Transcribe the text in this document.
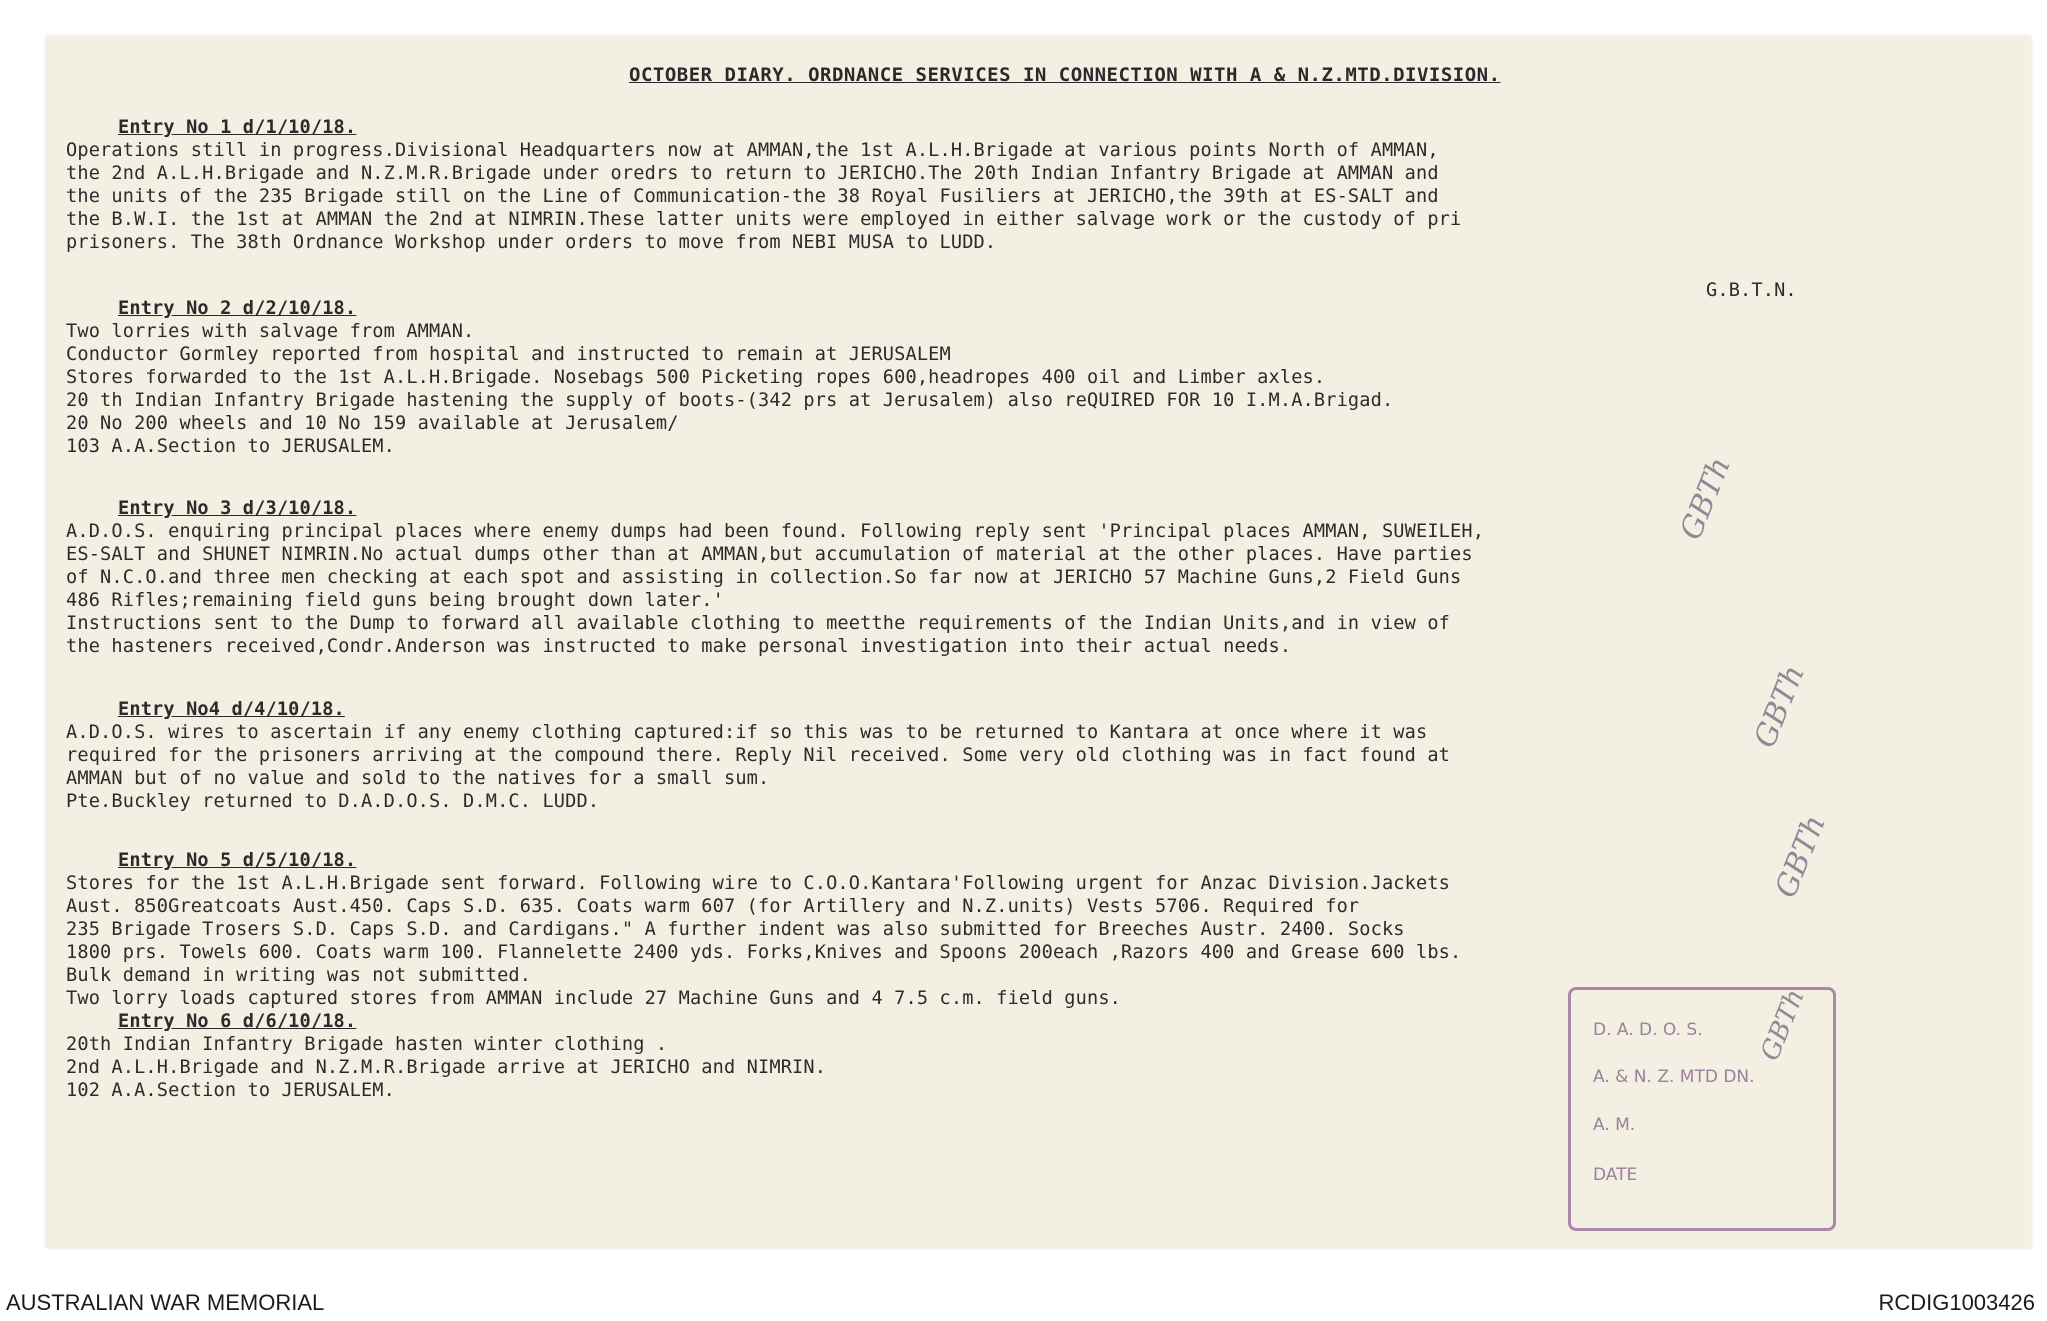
OCTOBER DIARY. ORDNANCE SERVICES IN CONNECTION WITH A & N.Z.MTD.DIVISION.
Entry No 1 d/1/10/18.
Operations still in progress.Divisional Headquarters now at AMMAN,the 1st A.L.H.Brigade at various points North of AMMAN,
the 2nd A.L.H.Brigade and N.Z.M.R.Brigade under oredrs to return to JERICHO.The 20th Indian Infantry Brigade at AMMAN and
the units of the 235 Brigade still on the Line of Communication-the 38 Royal Fusiliers at JERICHO,the 39th at ES-SALT and
the B.W.I. the 1st at AMMAN the 2nd at NIMRIN.These latter units were employed in either salvage work or the custody of pri
prisoners. The 38th Ordnance Workshop under orders to move from NEBI MUSA to LUDD.
G.B.T.N.
Entry No 2 d/2/10/18.
Two lorries with salvage from AMMAN.
Conductor Gormley reported from hospital and instructed to remain at JERUSALEM
Stores forwarded to the 1st A.L.H.Brigade. Nosebags 500 Picketing ropes 600,headropes 400 oil and Limber axles.
20 th Indian Infantry Brigade hastening the supply of boots-(342 prs at Jerusalem) also reQUIRED FOR 10 I.M.A.Brigad.
20 No 200 wheels and 10 No 159 available at Jerusalem/
103 A.A.Section to JERUSALEM.
GBTh
Entry No 3 d/3/10/18.
A.D.O.S. enquiring principal places where enemy dumps had been found. Following reply sent 'Principal places AMMAN, SUWEILEH,
ES-SALT and SHUNET NIMRIN.No actual dumps other than at AMMAN,but accumulation of material at the other places. Have parties
of N.C.O.and three men checking at each spot and assisting in collection.So far now at JERICHO 57 Machine Guns,2 Field Guns
486 Rifles;remaining field guns being brought down later.'
Instructions sent to the Dump to forward all available clothing to meetthe requirements of the Indian Units,and in view of
the hasteners received,Condr.Anderson was instructed to make personal investigation into their actual needs.
GBTh
Entry No4 d/4/10/18.
A.D.O.S. wires to ascertain if any enemy clothing captured:if so this was to be returned to Kantara at once where it was
required for the prisoners arriving at the compound there. Reply Nil received. Some very old clothing was in fact found at
AMMAN but of no value and sold to the natives for a small sum.
Pte.Buckley returned to D.A.D.O.S. D.M.C. LUDD.
GBTh
Entry No 5 d/5/10/18.
Stores for the 1st A.L.H.Brigade sent forward. Following wire to C.O.O.Kantara'Following urgent for Anzac Division.Jackets
Aust. 850Greatcoats Aust.450. Caps S.D. 635. Coats warm 607 (for Artillery and N.Z.units) Vests 5706. Required for
235 Brigade Trosers S.D. Caps S.D. and Cardigans." A further indent was also submitted for Breeches Austr. 2400. Socks
1800 prs. Towels 600. Coats warm 100. Flannelette 2400 yds. Forks,Knives and Spoons 200each ,Razors 400 and Grease 600 lbs.
Bulk demand in writing was not submitted.
Two lorry loads captured stores from AMMAN include 27 Machine Guns and 4 7.5 c.m. field guns.
Entry No 6 d/6/10/18.
20th Indian Infantry Brigade hasten winter clothing .
2nd A.L.H.Brigade and N.Z.M.R.Brigade arrive at JERICHO and NIMRIN.
102 A.A.Section to JERUSALEM.
D. A. D. O. S.
A. & N. Z. MTD DN.
A. M.
DATE
GBTh
AUSTRALIAN WAR MEMORIAL	RCDIG1003426
